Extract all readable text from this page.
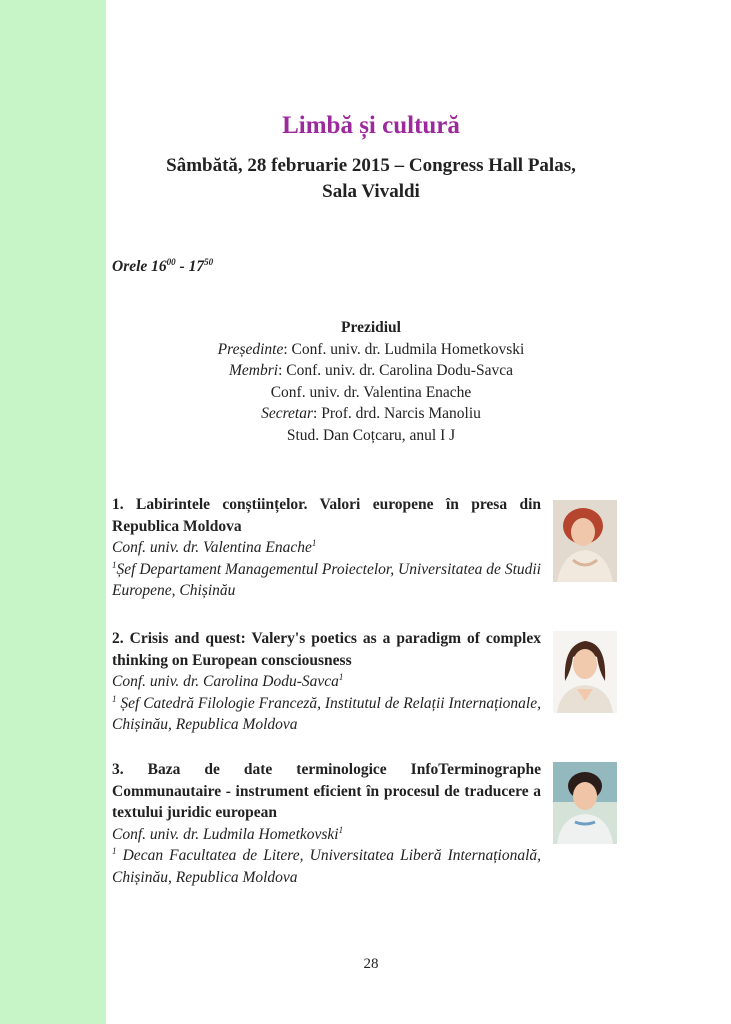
Limbă și cultură
Sâmbătă, 28 februarie 2015 – Congress Hall Palas,
Sala Vivaldi

Orele $16^{00} - 17^{50}$

Prezidiul
Președinte: Conf. univ. dr. Ludmila Hometkovski
Membri: Conf. univ. dr. Carolina Dodu-Savca
Conf. univ. dr. Valentina Enache
Secretar: Prof. drd. Narcis Manoliu
Stud. Dan Coțcaru, anul I J
1. Labirintele conștiințelor. Valori europene în presa din Republica Moldova
Conf. univ. dr. Valentina Enache$^1$
$^1$Șef Departament Managementul Proiectelor, Universitatea de Studii Europene, Chișinău
2. Crisis and quest: Valery's poetics as a paradigm of complex thinking on European consciousness
Conf. univ. dr. Carolina Dodu-Savca$^1$
$^1$ Șef Catedră Filologie Franceză, Institutul de Relații Internaționale, Chișinău, Republica Moldova
3. Baza de date terminologice InfoTerminographe Communautaire - instrument eficient în procesul de traducere a textului juridic european
Conf. univ. dr. Ludmila Hometkovski$^1$
$^1$ Decan Facultatea de Litere, Universitatea Liberă Internațională, Chișinău, Republica Moldova
28
